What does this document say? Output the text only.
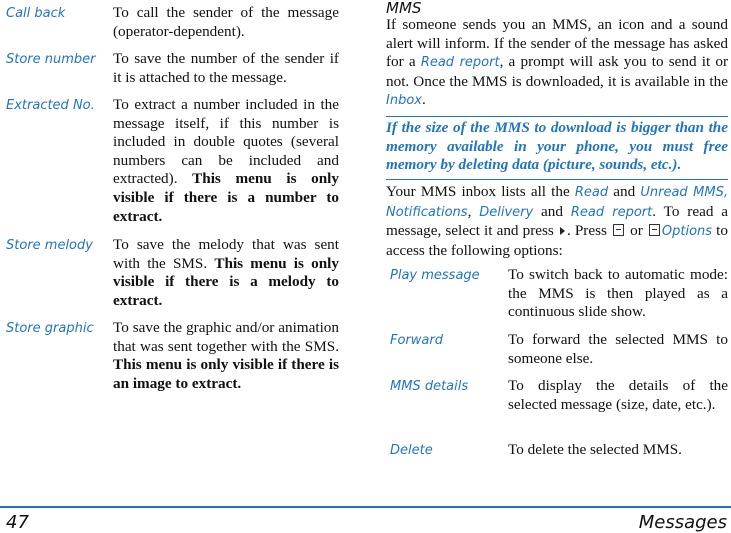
Call back	To call the sender of the message (operator-dependent).
Store number	To save the number of the sender if it is attached to the message.
Extracted No.	To extract a number included in the message itself, if this number is included in double quotes (several numbers can be included and extracted). This menu is only visible if there is a number to extract.
Store melody	To save the melody that was sent with the SMS. This menu is only visible if there is a melody to extract.
Store graphic	To save the graphic and/or animation that was sent together with the SMS. This menu is only visible if there is an image to extract.
MMS
If someone sends you an MMS, an icon and a sound alert will inform. If the sender of the message has asked for a Read report, a prompt will ask you to send it or not. Once the MMS is downloaded, it is available in the Inbox.
If the size of the MMS to download is bigger than the memory available in your phone, you must free memory by deleting data (picture, sounds, etc.).
Your MMS inbox lists all the Read and Unread MMS, Notifications, Delivery and Read report. To read a message, select it and press . Press  or Options to access the following options:
Play message	To switch back to automatic mode: the MMS is then played as a continuous slide show.
Forward	To forward the selected MMS to someone else.
MMS details	To display the details of the selected message (size, date, etc.).
Delete	To delete the selected MMS.
47	Messages
